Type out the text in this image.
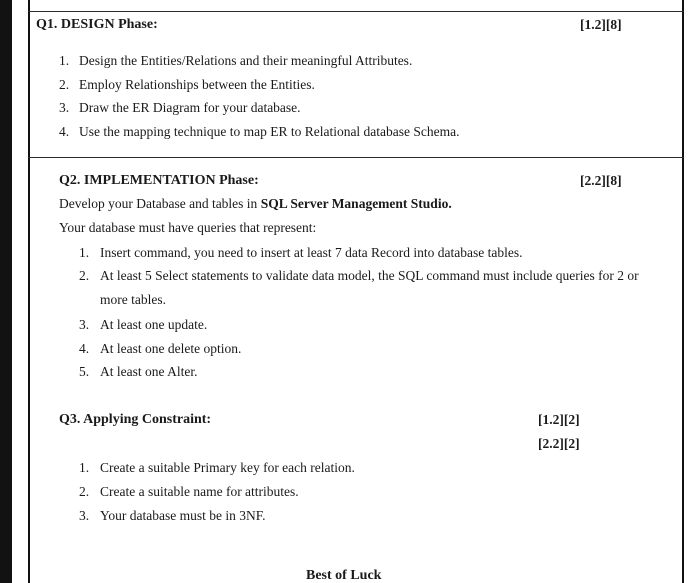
Q1. DESIGN Phase:	[1.2][8]
1. Design the Entities/Relations and their meaningful Attributes.
2. Employ Relationships between the Entities.
3. Draw the ER Diagram for your database.
4. Use the mapping technique to map ER to Relational database Schema.
Q2. IMPLEMENTATION Phase:	[2.2][8]
Develop your Database and tables in SQL Server Management Studio.
Your database must have queries that represent:
1. Insert command, you need to insert at least 7 data Record into database tables.
2. At least 5 Select statements to validate data model, the SQL command must include queries for 2 or
more tables.
3. At least one update.
4. At least one delete option.
5. At least one Alter.
Q3. Applying Constraint:	[1.2][2]
[2.2][2]
1. Create a suitable Primary key for each relation.
2. Create a suitable name for attributes.
3. Your database must be in 3NF.
Best of Luck
